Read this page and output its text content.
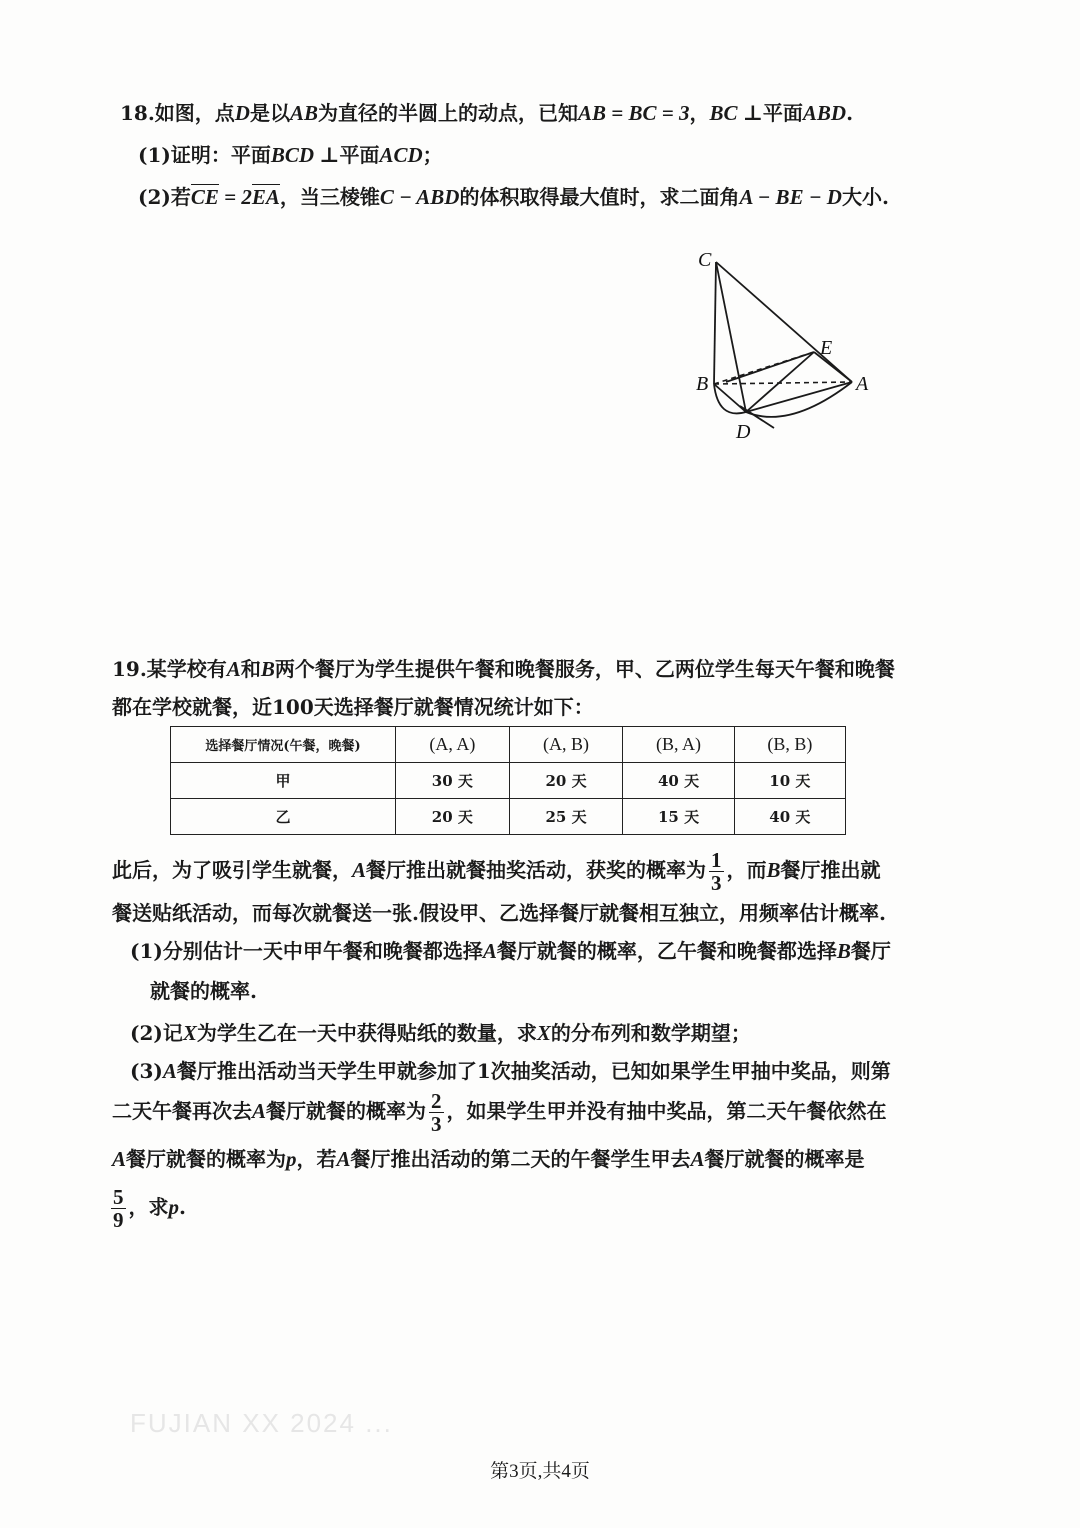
18.如图，点D是以AB为直径的半圆上的动点，已知AB = BC = 3，BC ⊥平面ABD.
(1)证明：平面BCD ⊥平面ACD；
(2)若CE = 2EA，当三棱锥C − ABD的体积取得最大值时，求二面角A − BE − D大小.
C
E
B	A
D
19.某学校有A和B两个餐厅为学生提供午餐和晚餐服务，甲、乙两位学生每天午餐和晚餐
都在学校就餐，近100天选择餐厅就餐情况统计如下：
选择餐厅情况(午餐，晚餐)	(A, A)	(A, B)	(B, A)	(B, B)
甲	30 天	20 天	40 天	10 天
乙	20 天	25 天	15 天	40 天
此后，为了吸引学生就餐，A餐厅推出就餐抽奖活动，获奖的概率为 $\frac{1}{3}$ ，而B餐厅推出就
餐送贴纸活动，而每次就餐送一张.假设甲、乙选择餐厅就餐相互独立，用频率估计概率.
(1)分别估计一天中甲午餐和晚餐都选择A餐厅就餐的概率，乙午餐和晚餐都选择B餐厅
就餐的概率.
(2)记X为学生乙在一天中获得贴纸的数量，求X的分布列和数学期望；
(3)A餐厅推出活动当天学生甲就参加了1次抽奖活动，已知如果学生甲抽中奖品，则第
二天午餐再次去A餐厅就餐的概率为 $\frac{2}{3}$ ，如果学生甲并没有抽中奖品，第二天午餐依然在
A餐厅就餐的概率为p，若A餐厅推出活动的第二天的午餐学生甲去A餐厅就餐的概率是
$\frac{5}{9}$ ，求p.
FUJIAN XX 2024 ...
第3页,共4页
